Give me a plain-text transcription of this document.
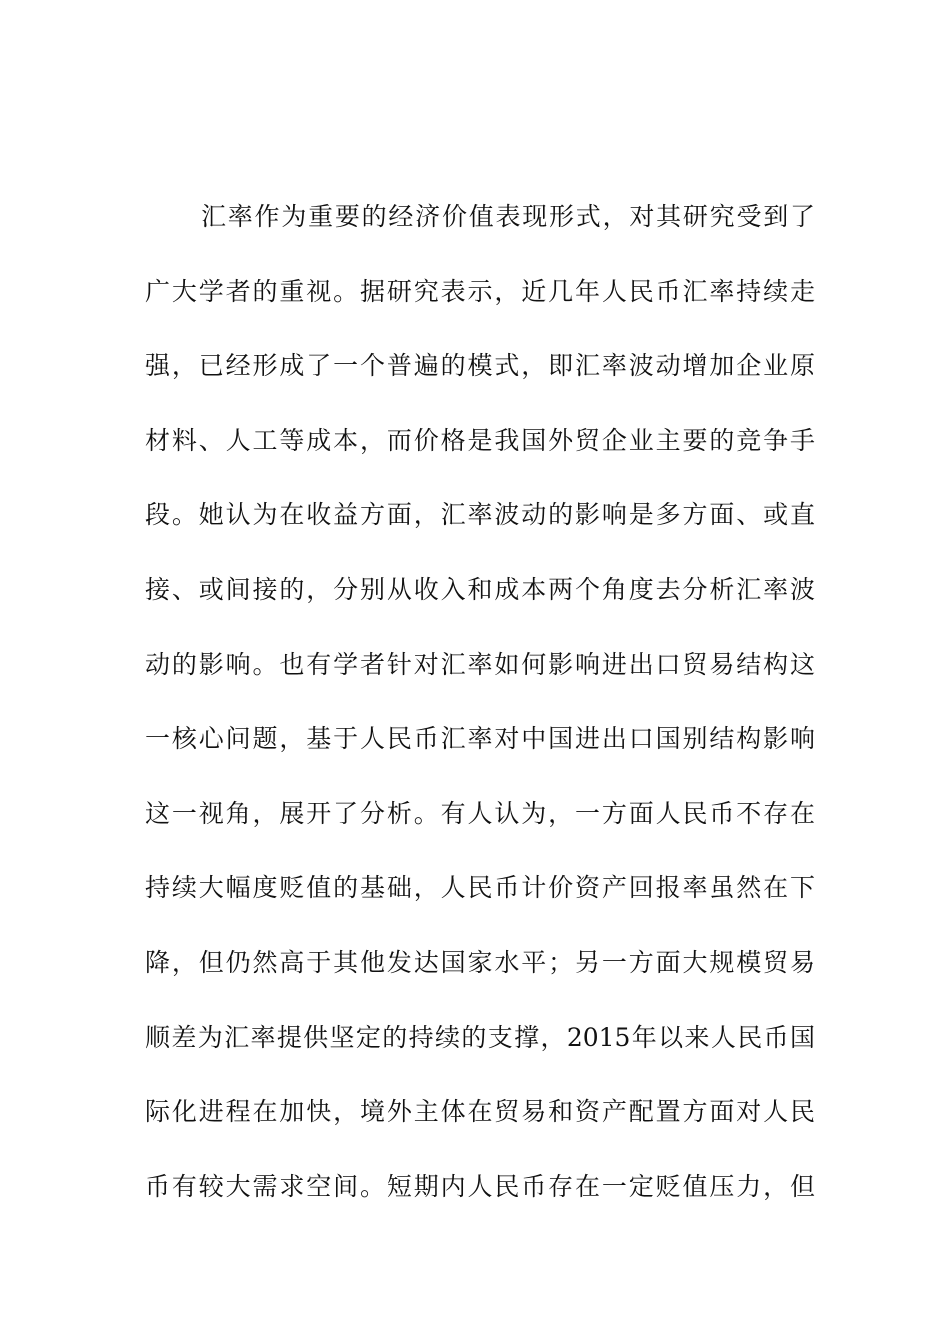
汇率作为重要的经济价值表现形式，对其研究受到了
广大学者的重视。据研究表示，近几年人民币汇率持续走
强，已经形成了一个普遍的模式，即汇率波动增加企业原
材料、人工等成本，而价格是我国外贸企业主要的竞争手
段。她认为在收益方面，汇率波动的影响是多方面、或直
接、或间接的，分别从收入和成本两个角度去分析汇率波
动的影响。也有学者针对汇率如何影响进出口贸易结构这
一核心问题，基于人民币汇率对中国进出口国别结构影响
这一视角，展开了分析。有人认为，一方面人民币不存在
持续大幅度贬值的基础，人民币计价资产回报率虽然在下
降，但仍然高于其他发达国家水平；另一方面大规模贸易
顺差为汇率提供坚定的持续的支撑，2015年以来人民币国
际化进程在加快，境外主体在贸易和资产配置方面对人民
币有较大需求空间。短期内人民币存在一定贬值压力，但
